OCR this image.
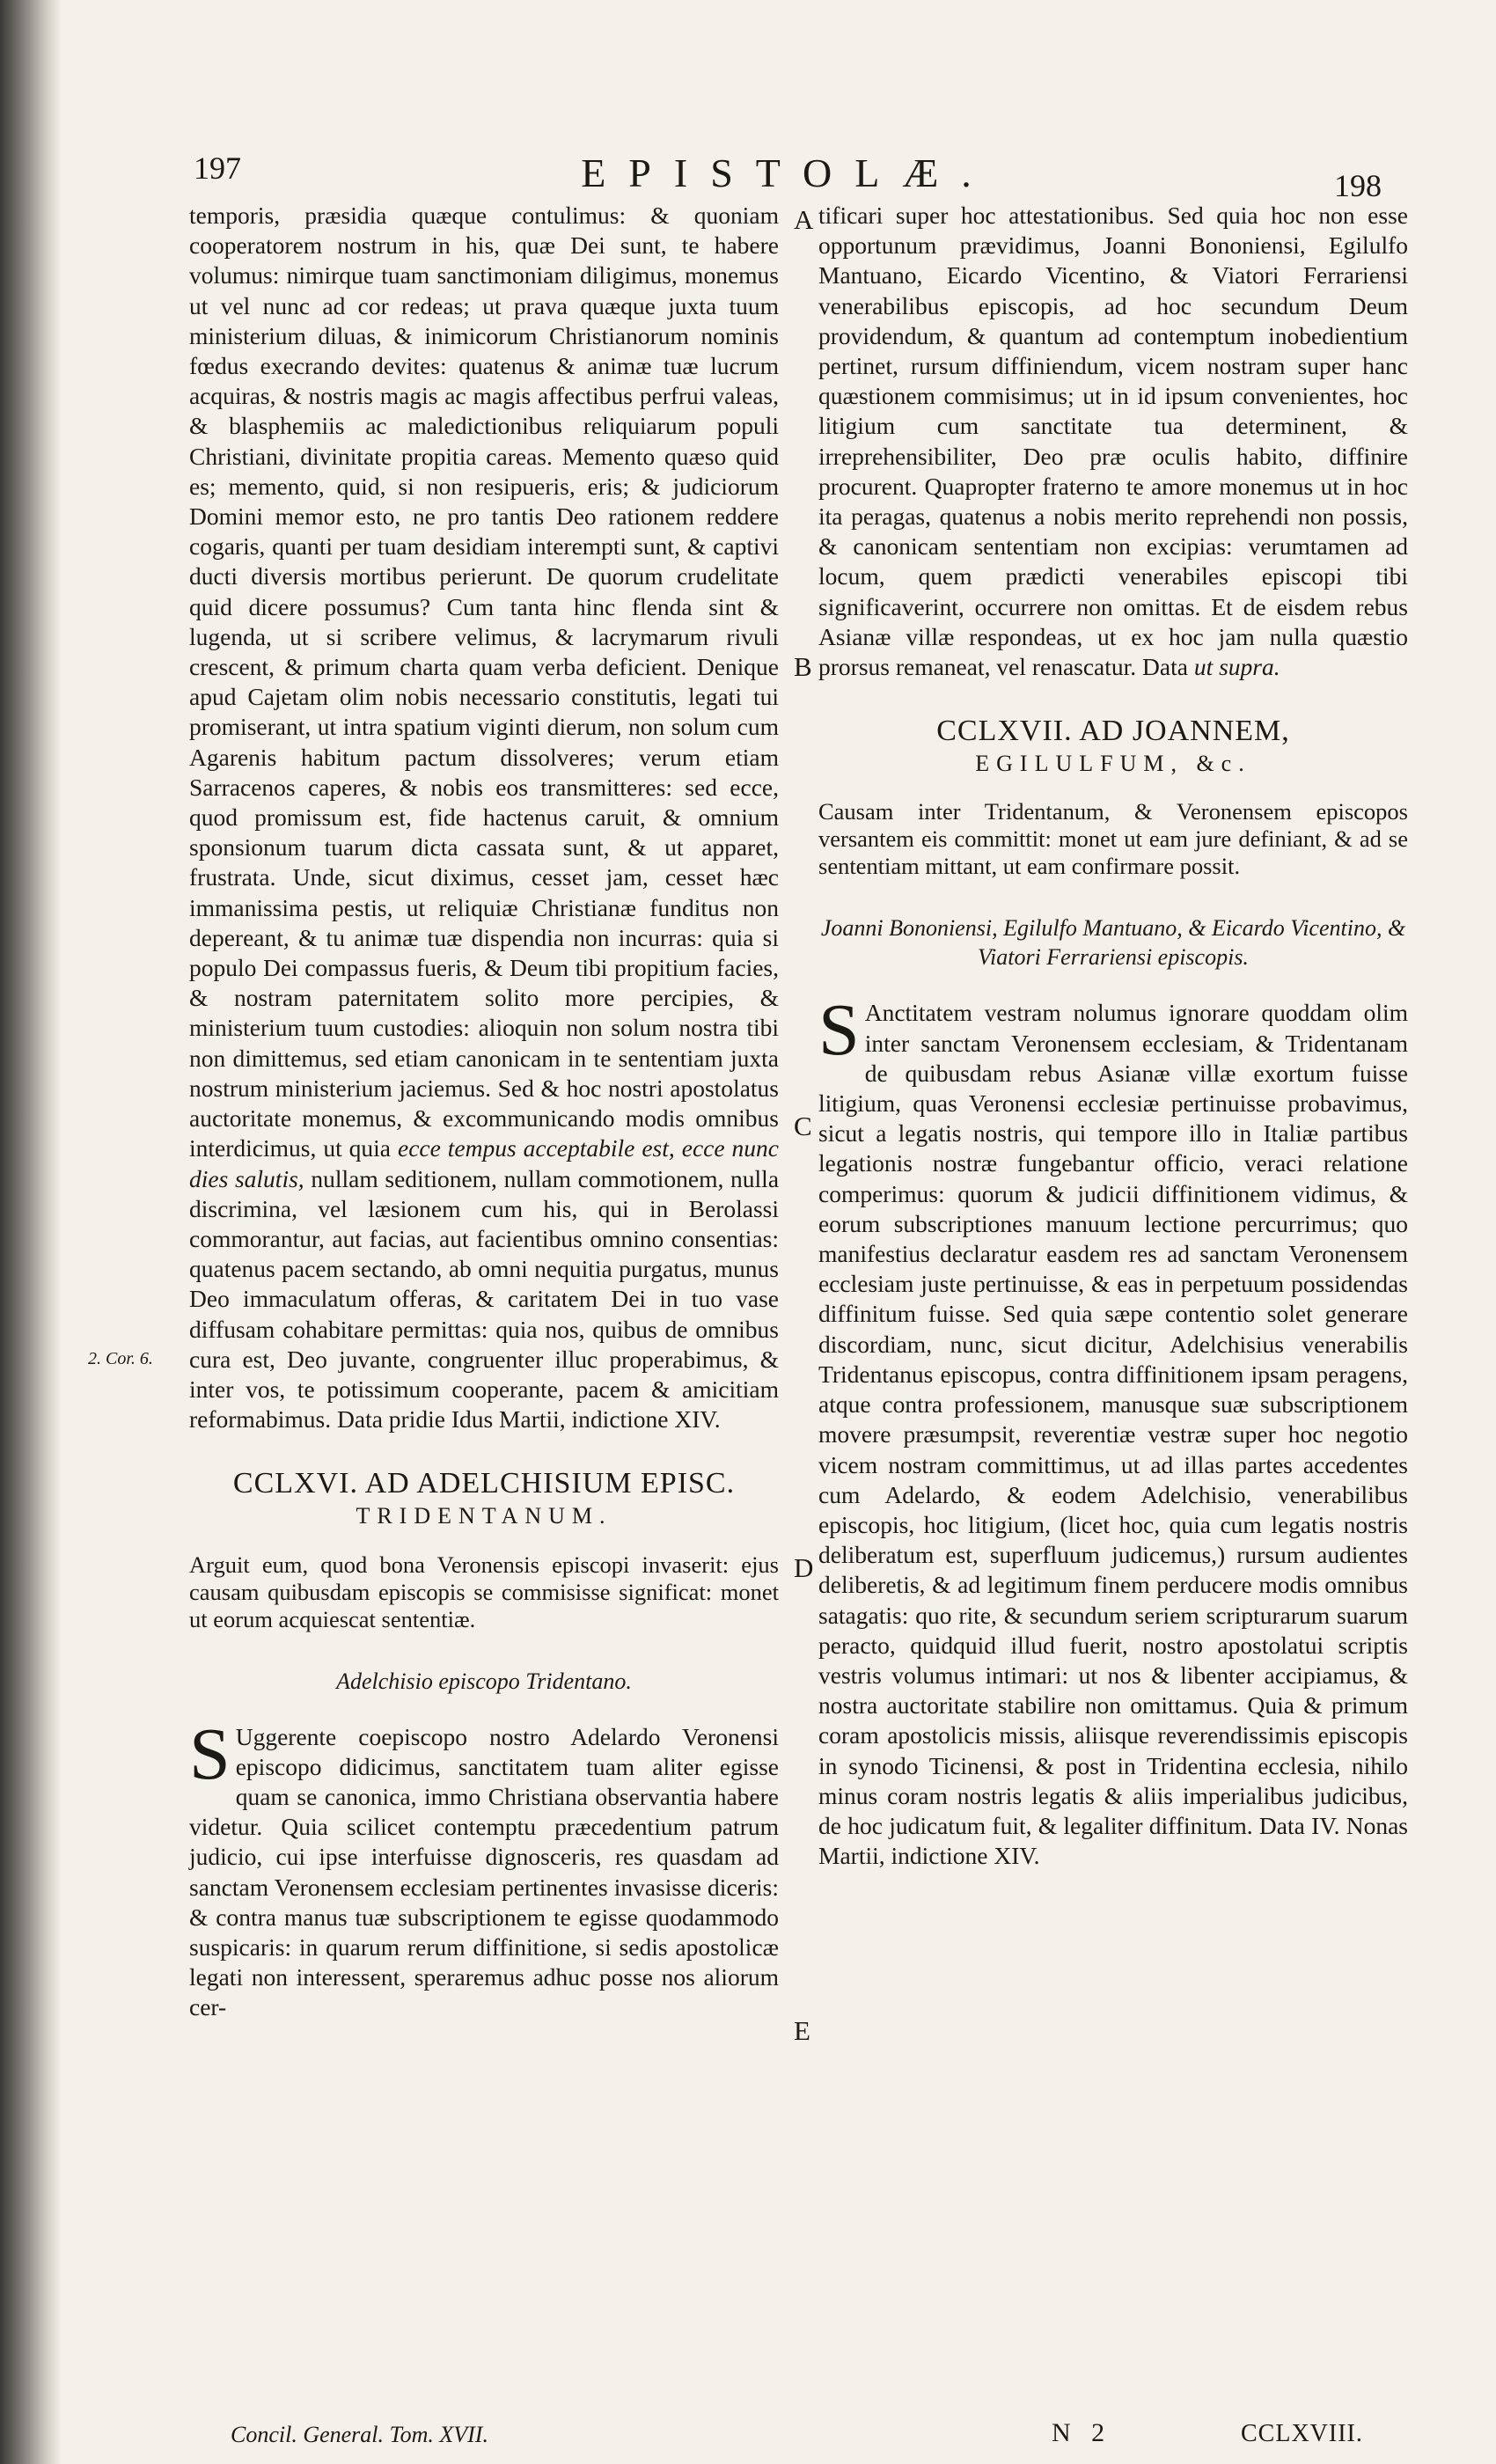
197	EPISTOLÆ.	198
2. Cor. 6.
A
B
C
D
E

temporis, præsidia quæque contulimus: & quoniam cooperatorem nostrum in his, quæ Dei sunt, te habere volumus: nimirque tuam sanctimoniam diligimus, monemus ut vel nunc ad cor redeas; ut prava quæque juxta tuum ministerium diluas, & inimicorum Christianorum nominis fœdus execrando devites: quatenus & animæ tuæ lucrum acquiras, & nostris magis ac magis affectibus perfrui valeas, & blasphemiis ac maledictionibus reliquiarum populi Christiani, divinitate propitia careas. Memento quæso quid es; memento, quid, si non resipueris, eris; & judiciorum Domini memor esto, ne pro tantis Deo rationem reddere cogaris, quanti per tuam desidiam interempti sunt, & captivi ducti diversis mortibus perierunt. De quorum crudelitate quid dicere possumus? Cum tanta hinc flenda sint & lugenda, ut si scribere velimus, & lacrymarum rivuli crescent, & primum charta quam verba deficient. Denique apud Cajetam olim nobis necessario constitutis, legati tui promiserant, ut intra spatium viginti dierum, non solum cum Agarenis habitum pactum dissolveres; verum etiam Sarracenos caperes, & nobis eos transmitteres: sed ecce, quod promissum est, fide hactenus caruit, & omnium sponsionum tuarum dicta cassata sunt, & ut apparet, frustrata. Unde, sicut diximus, cesset jam, cesset hæc immanissima pestis, ut reliquiæ Christianæ funditus non depereant, & tu animæ tuæ dispendia non incurras: quia si populo Dei compassus fueris, & Deum tibi propitium facies, & nostram paternitatem solito more percipies, & ministerium tuum custodies: alioquin non solum nostra tibi non dimittemus, sed etiam canonicam in te sententiam juxta nostrum ministerium jaciemus. Sed & hoc nostri apostolatus auctoritate monemus, & excommunicando modis omnibus interdicimus, ut quia ecce tempus acceptabile est, ecce nunc dies salutis, nullam seditionem, nullam commotionem, nulla discrimina, vel læsionem cum his, qui in Berolassi commorantur, aut facias, aut facientibus omnino consentias: quatenus pacem sectando, ab omni nequitia purgatus, munus Deo immaculatum offeras, & caritatem Dei in tuo vase diffusam cohabitare permittas: quia nos, quibus de omnibus cura est, Deo juvante, congruenter illuc properabimus, & inter vos, te potissimum cooperante, pacem & amicitiam reformabimus. Data pridie Idus Martii, indictione XIV.

CCLXVI. AD ADELCHISIUM EPISC.
TRIDENTANUM.

Arguit eum, quod bona Veronensis episcopi invaserit: ejus causam quibusdam episcopis se commisisse significat: monet ut eorum acquiescat sententiæ.

Adelchisio episcopo Tridentano.

S Uggerente coepiscopo nostro Adelardo Veronensi episcopo didicimus, sanctitatem tuam aliter egisse quam se canonica, immo Christiana observantia habere videtur. Quia scilicet contemptu præcedentium patrum judicio, cui ipse interfuisse dignosceris, res quasdam ad sanctam Veronensem ecclesiam pertinentes invasisse diceris: & contra manus tuæ subscriptionem te egisse quodammodo suspicaris: in quarum rerum diffinitione, si sedis apostolicæ legati non interessent, speraremus adhuc posse nos aliorum cer-

tificari super hoc attestationibus. Sed quia hoc non esse opportunum prævidimus, Joanni Bononiensi, Egilulfo Mantuano, Eicardo Vicentino, & Viatori Ferrariensi venerabilibus episcopis, ad hoc secundum Deum providendum, & quantum ad contemptum inobedientium pertinet, rursum diffiniendum, vicem nostram super hanc quæstionem commisimus; ut in id ipsum convenientes, hoc litigium cum sanctitate tua determinent, & irreprehensibiliter, Deo præ oculis habito, diffinire procurent. Quapropter fraterno te amore monemus ut in hoc ita peragas, quatenus a nobis merito reprehendi non possis, & canonicam sententiam non excipias: verumtamen ad locum, quem prædicti venerabiles episcopi tibi significaverint, occurrere non omittas. Et de eisdem rebus Asianæ villæ respondeas, ut ex hoc jam nulla quæstio prorsus remaneat, vel renascatur. Data ut supra.

CCLXVII. AD JOANNEM,
EGILULFUM, &c.

Causam inter Tridentanum, & Veronensem episcopos versantem eis committit: monet ut eam jure definiant, & ad se sententiam mittant, ut eam confirmare possit.

Joanni Bononiensi, Egilulfo Mantuano, & Eicardo Vicentino, & Viatori Ferrariensi episcopis.

S Anctitatem vestram nolumus ignorare quoddam olim inter sanctam Veronensem ecclesiam, & Tridentanam de quibusdam rebus Asianæ villæ exortum fuisse litigium, quas Veronensi ecclesiæ pertinuisse probavimus, sicut a legatis nostris, qui tempore illo in Italiæ partibus legationis nostræ fungebantur officio, veraci relatione comperimus: quorum & judicii diffinitionem vidimus, & eorum subscriptiones manuum lectione percurrimus; quo manifestius declaratur easdem res ad sanctam Veronensem ecclesiam juste pertinuisse, & eas in perpetuum possidendas diffinitum fuisse. Sed quia sæpe contentio solet generare discordiam, nunc, sicut dicitur, Adelchisius venerabilis Tridentanus episcopus, contra diffinitionem ipsam peragens, atque contra professionem, manusque suæ subscriptionem movere præsumpsit, reverentiæ vestræ super hoc negotio vicem nostram committimus, ut ad illas partes accedentes cum Adelardo, & eodem Adelchisio, venerabilibus episcopis, hoc litigium, (licet hoc, quia cum legatis nostris deliberatum est, superfluum judicemus,) rursum audientes deliberetis, & ad legitimum finem perducere modis omnibus satagatis: quo rite, & secundum seriem scripturarum suarum peracto, quidquid illud fuerit, nostro apostolatui scriptis vestris volumus intimari: ut nos & libenter accipiamus, & nostra auctoritate stabilire non omittamus. Quia & primum coram apostolicis missis, aliisque reverendissimis episcopis in synodo Ticinensi, & post in Tridentina ecclesia, nihilo minus coram nostris legatis & aliis imperialibus judicibus, de hoc judicatum fuit, & legaliter diffinitum. Data IV. Nonas Martii, indictione XIV.

Concil. General. Tom. XVII.	N 2	CCLXVIII.
